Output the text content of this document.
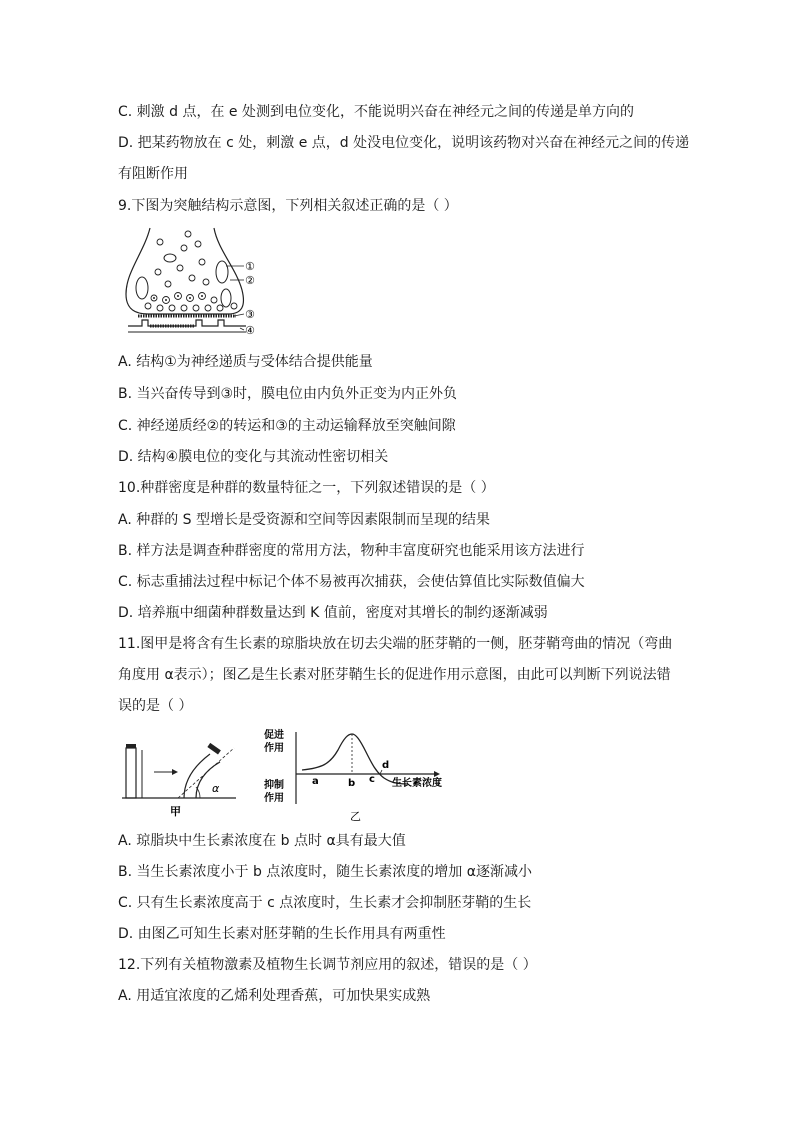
C. 刺激 d 点，在 e 处测到电位变化，不能说明兴奋在神经元之间的传递是单方向的
D. 把某药物放在 c 处，刺激 e 点，d 处没电位变化，说明该药物对兴奋在神经元之间的传递
有阻断作用
9.下图为突触结构示意图，下列相关叙述正确的是（ ）
①
②
③
④
A. 结构①为神经递质与受体结合提供能量
B. 当兴奋传导到③时，膜电位由内负外正变为内正外负
C. 神经递质经②的转运和③的主动运输释放至突触间隙
D. 结构④膜电位的变化与其流动性密切相关
10.种群密度是种群的数量特征之一，下列叙述错误的是（ ）
A. 种群的 S 型增长是受资源和空间等因素限制而呈现的结果
B. 样方法是调查种群密度的常用方法，物种丰富度研究也能采用该方法进行
C. 标志重捕法过程中标记个体不易被再次捕获，会使估算值比实际数值偏大
D. 培养瓶中细菌种群数量达到 K 值前，密度对其增长的制约逐渐减弱
11.图甲是将含有生长素的琼脂块放在切去尖端的胚芽鞘的一侧，胚芽鞘弯曲的情况（弯曲
角度用 α表示）；图乙是生长素对胚芽鞘生长的促进作用示意图，由此可以判断下列说法错
误的是（ ）
α
甲
促进
作用
抑制
作用
a	b c
d
生长素浓度
乙
A. 琼脂块中生长素浓度在 b 点时 α具有最大值
B. 当生长素浓度小于 b 点浓度时，随生长素浓度的增加 α逐渐减小
C. 只有生长素浓度高于 c 点浓度时，生长素才会抑制胚芽鞘的生长
D. 由图乙可知生长素对胚芽鞘的生长作用具有两重性
12.下列有关植物激素及植物生长调节剂应用的叙述，错误的是（ ）
A. 用适宜浓度的乙烯利处理香蕉，可加快果实成熟
